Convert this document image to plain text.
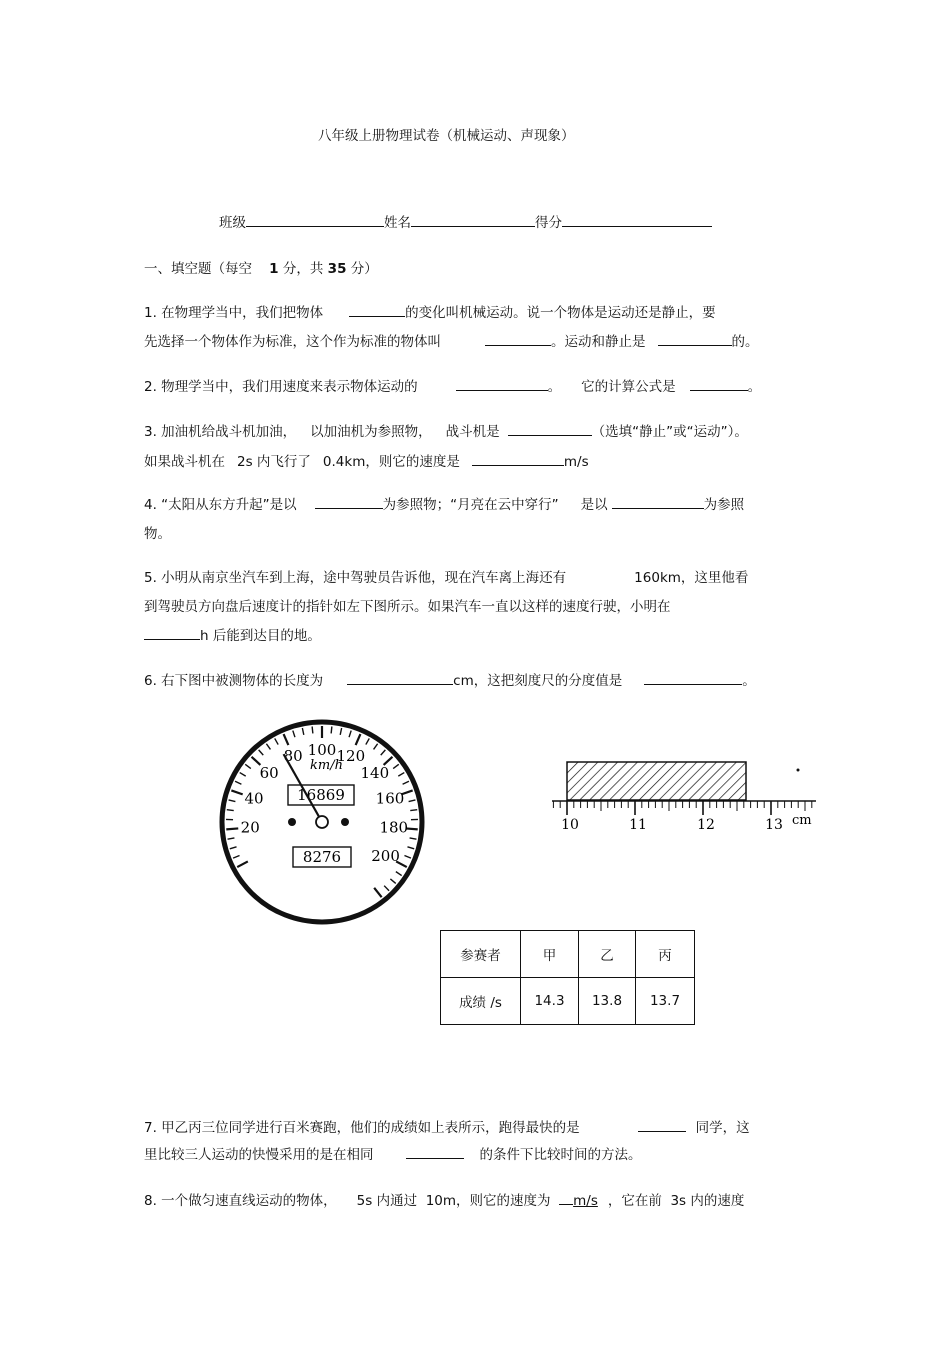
八年级上册物理试卷（机械运动、声现象）
班级	姓名	得分
一、填空题（每空 1 分，共 35 分）
1. 在物理学当中，我们把物体	的变化叫机械运动。说一个物体是运动还是静止，要
先选择一个物体作为标准，这个作为标准的物体叫	。运动和静止是	的。
2. 物理学当中，我们用速度来表示物体运动的	。 它的计算公式是	。
3. 加油机给战斗机加油， 以加油机为参照物， 战斗机是	（选填“静止”或“运动”）。
如果战斗机在 2s 内飞行了 0.4km，则它的速度是	m/s
4. “太阳从东方升起”是以	为参照物；“月亮在云中穿行” 是以	为参照
物。
5. 小明从南京坐汽车到上海，途中驾驶员告诉他，现在汽车离上海还有	160km，这里他看
到驾驶员方向盘后速度计的指针如左下图所示。如果汽车一直以这样的速度行驶，小明在
h 后能到达目的地。
6. 右下图中被测物体的长度为	cm，这把刻度尺的分度值是	。
20
40
60
80 100 120
140
160
180
200
km/h
16869
8276
10	11	12	13 cm
参赛者	甲	乙	丙
成绩 /s	14.3	13.8	13.7
7. 甲乙丙三位同学进行百米赛跑，他们的成绩如上表所示，跑得最快的是	同学，这
里比较三人运动的快慢采用的是在相同	的条件下比较时间的方法。
8. 一个做匀速直线运动的物体， 5s 内通过 10m，则它的速度为 m/s ，它在前 3s 内的速度
